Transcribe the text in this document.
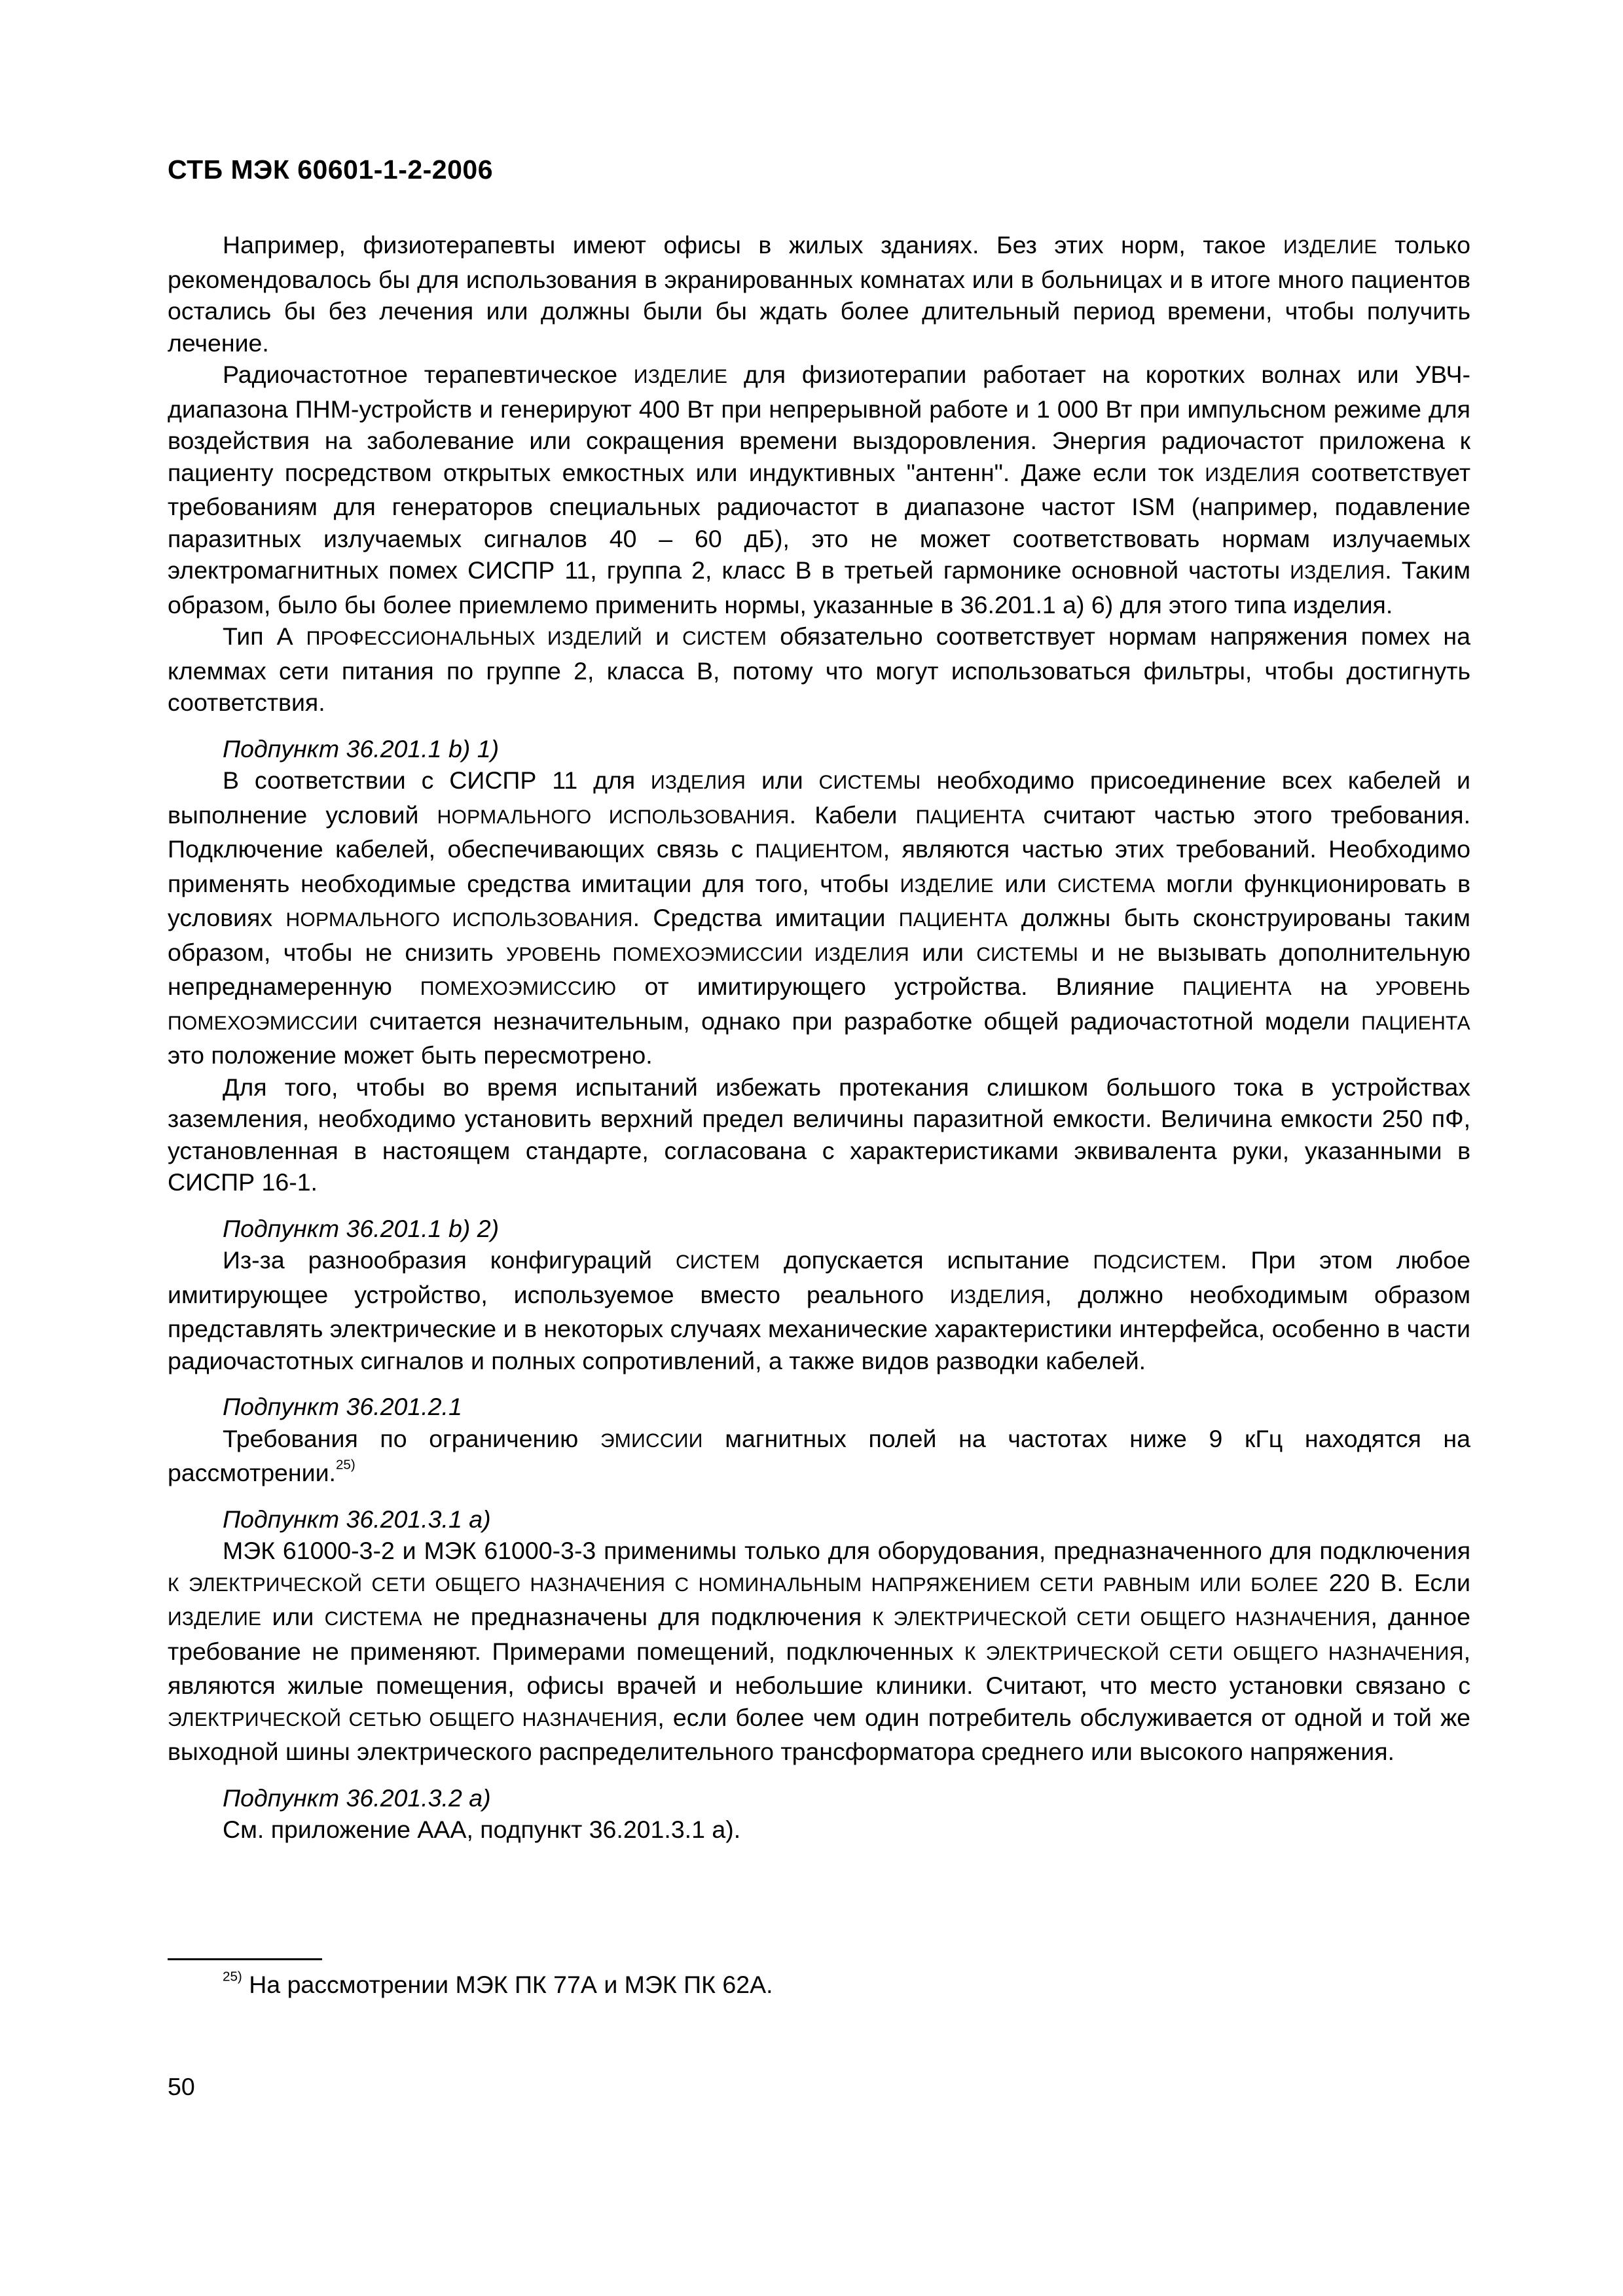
СТБ МЭК 60601-1-2-2006

Например, физиотерапевты имеют офисы в жилых зданиях. Без этих норм, такое ИЗДЕЛИЕ только рекомендовалось бы для использования в экранированных комнатах или в больницах и в итоге много пациентов остались бы без лечения или должны были бы ждать более длительный период времени, чтобы получить лечение.

Радиочастотное терапевтическое ИЗДЕЛИЕ для физиотерапии работает на коротких волнах или УВЧ-диапазона ПНМ-устройств и генерируют 400 Вт при непрерывной работе и 1 000 Вт при импульсном режиме для воздействия на заболевание или сокращения времени выздоровления. Энергия радиочастот приложена к пациенту посредством открытых емкостных или индуктивных "антенн". Даже если ток ИЗДЕЛИЯ соответствует требованиям для генераторов специальных радиочастот в диапазоне частот ISM (например, подавление паразитных излучаемых сигналов 40 – 60 дБ), это не может соответствовать нормам излучаемых электромагнитных помех СИСПР 11, группа 2, класс В в третьей гармонике основной частоты ИЗДЕЛИЯ. Таким образом, было бы более приемлемо применить нормы, указанные в 36.201.1 а) 6) для этого типа изделия.

Тип А ПРОФЕССИОНАЛЬНЫХ ИЗДЕЛИЙ и СИСТЕМ обязательно соответствует нормам напряжения помех на клеммах сети питания по группе 2, класса В, потому что могут использоваться фильтры, чтобы достигнуть соответствия.

Подпункт 36.201.1 b) 1)

В соответствии с СИСПР 11 для ИЗДЕЛИЯ или СИСТЕМЫ необходимо присоединение всех кабелей и выполнение условий НОРМАЛЬНОГО ИСПОЛЬЗОВАНИЯ. Кабели ПАЦИЕНТА считают частью этого требования. Подключение кабелей, обеспечивающих связь с ПАЦИЕНТОМ, являются частью этих требований. Необходимо применять необходимые средства имитации для того, чтобы ИЗДЕЛИЕ или СИСТЕМА могли функционировать в условиях НОРМАЛЬНОГО ИСПОЛЬЗОВАНИЯ. Средства имитации ПАЦИЕНТА должны быть сконструированы таким образом, чтобы не снизить УРОВЕНЬ ПОМЕХОЭМИССИИ ИЗДЕЛИЯ или СИСТЕМЫ и не вызывать дополнительную непреднамеренную ПОМЕХОЭМИССИЮ от имитирующего устройства. Влияние ПАЦИЕНТА на УРОВЕНЬ ПОМЕХОЭМИССИИ считается незначительным, однако при разработке общей радиочастотной модели ПАЦИЕНТА это положение может быть пересмотрено.

Для того, чтобы во время испытаний избежать протекания слишком большого тока в устройствах заземления, необходимо установить верхний предел величины паразитной емкости. Величина емкости 250 пФ, установленная в настоящем стандарте, согласована с характеристиками эквивалента руки, указанными в СИСПР 16-1.

Подпункт 36.201.1 b) 2)

Из-за разнообразия конфигураций СИСТЕМ допускается испытание ПОДСИСТЕМ. При этом любое имитирующее устройство, используемое вместо реального ИЗДЕЛИЯ, должно необходимым образом представлять электрические и в некоторых случаях механические характеристики интерфейса, особенно в части радиочастотных сигналов и полных сопротивлений, а также видов разводки кабелей.

Подпункт 36.201.2.1

Требования по ограничению ЭМИССИИ магнитных полей на частотах ниже 9 кГц находятся на рассмотрении.$^{25)}$

Подпункт 36.201.3.1 а)

МЭК 61000-3-2 и МЭК 61000-3-3 применимы только для оборудования, предназначенного для подключения К ЭЛЕКТРИЧЕСКОЙ СЕТИ ОБЩЕГО НАЗНАЧЕНИЯ С НОМИНАЛЬНЫМ НАПРЯЖЕНИЕМ СЕТИ РАВНЫМ ИЛИ БОЛЕЕ 220 В. Если ИЗДЕЛИЕ или СИСТЕМА не предназначены для подключения К ЭЛЕКТРИЧЕСКОЙ СЕТИ ОБЩЕГО НАЗНАЧЕНИЯ, данное требование не применяют. Примерами помещений, подключенных К ЭЛЕКТРИЧЕСКОЙ СЕТИ ОБЩЕГО НАЗНАЧЕНИЯ, являются жилые помещения, офисы врачей и небольшие клиники. Считают, что место установки связано с ЭЛЕКТРИЧЕСКОЙ СЕТЬЮ ОБЩЕГО НАЗНАЧЕНИЯ, если более чем один потребитель обслуживается от одной и той же выходной шины электрического распределительного трансформатора среднего или высокого напряжения.

Подпункт 36.201.3.2 а)

См. приложение ААА, подпункт 36.201.3.1 а).

$^{25)}$ На рассмотрении МЭК ПК 77А и МЭК ПК 62А.
50
